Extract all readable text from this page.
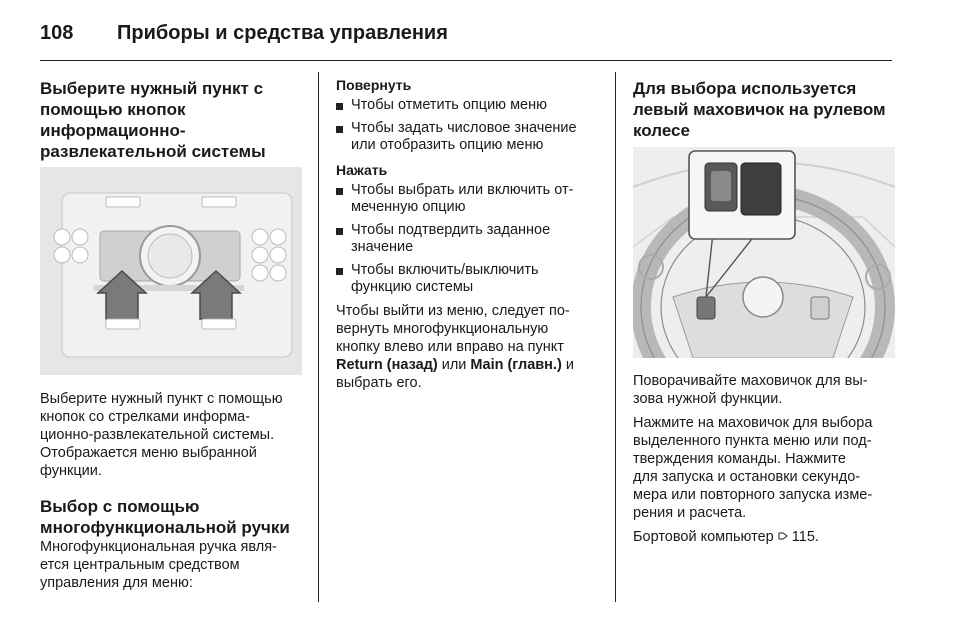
108 Приборы и средства управления
Выберите нужный пункт с помощью кнопок информационно-развлекательной системы

Выберите нужный пункт с помощью
кнопок со стрелками информа-
ционно-развлекательной системы.
Отображается меню выбранной
функции.

Выбор с помощью
многофункциональной ручки

Многофункциональная ручка явля-
ется центральным средством
управления для меню:

Повернуть
Чтобы отметить опцию меню
Чтобы задать числовое значение
или отобразить опцию меню
Нажать
Чтобы выбрать или включить от-
меченную опцию
Чтобы подтвердить заданное
значение
Чтобы включить/выключить
функцию системы

Чтобы выйти из меню, следует по-
вернуть многофункциональную
кнопку влево или вправо на пункт
Return (назад) или Main (главн.) и
выбрать его.

Для выбора используется
левый маховичок на рулевом
колесе

Поворачивайте маховичок для вы-
зова нужной функции.

Нажмите на маховичок для выбора
выделенного пункта меню или под-
тверждения команды. Нажмите
для запуска и остановки секундо-
мера или повторного запуска изме-
рения и расчета.

Бортовой компьютер  115.
